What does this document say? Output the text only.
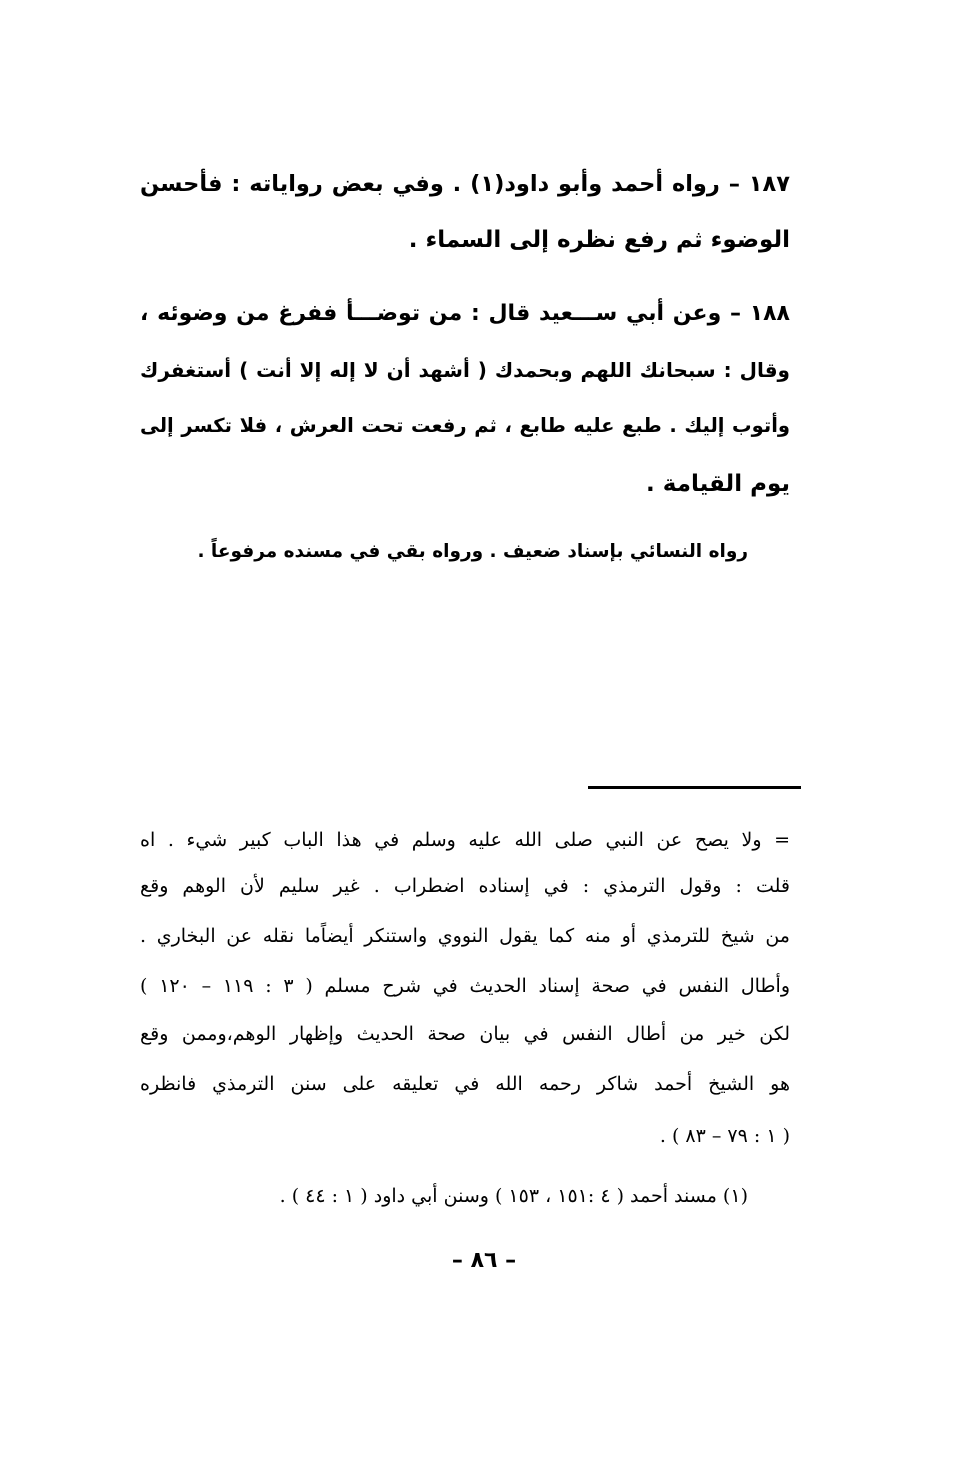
١٨٧ – رواه أحمد وأبو داود(١) . وفي بعض رواياته : فأحسن
الوضوء ثم رفع نظره إلى السماء .
١٨٨ – وعن أبي ســـعيد قال : من توضـــأ ففرغ من وضوئه ،
وقال : سبحانك اللهم وبحمدك ( أشهد أن لا إله إلا أنت ) أستغفرك
وأتوب إليك . طبع عليه طابع ، ثم رفعت تحت العرش ، فلا تكسر إلى
يوم القيامة .
رواه النسائي بإسناد ضعيف . ورواه بقي في مسنده مرفوعاً .
= ولا يصح عن النبي صلى الله عليه وسلم في هذا الباب كبير شيء . اه
قلت : وقول الترمذي : في إسناده اضطراب . غير سليم لأن الوهم وقع
من شيخ للترمذي أو منه كما يقول النووي واستنكر أيضاًما نقله عن البخاري .
وأطال النفس في صحة إسناد الحديث في شرح مسلم ( ٣ : ١١٩ – ١٢٠ )
لكن خير من أطال النفس في بيان صحة الحديث وإظهار الوهم،وممن وقع
هو الشيخ أحمد شاكر رحمه الله في تعليقه على سنن الترمذي فانظره
( ١ : ٧٩ – ٨٣ ) .
(١) مسند أحمد ( ٤ :١٥١ ، ١٥٣ ) وسنن أبي داود ( ١ : ٤٤ ) .
– ٨٦ –
